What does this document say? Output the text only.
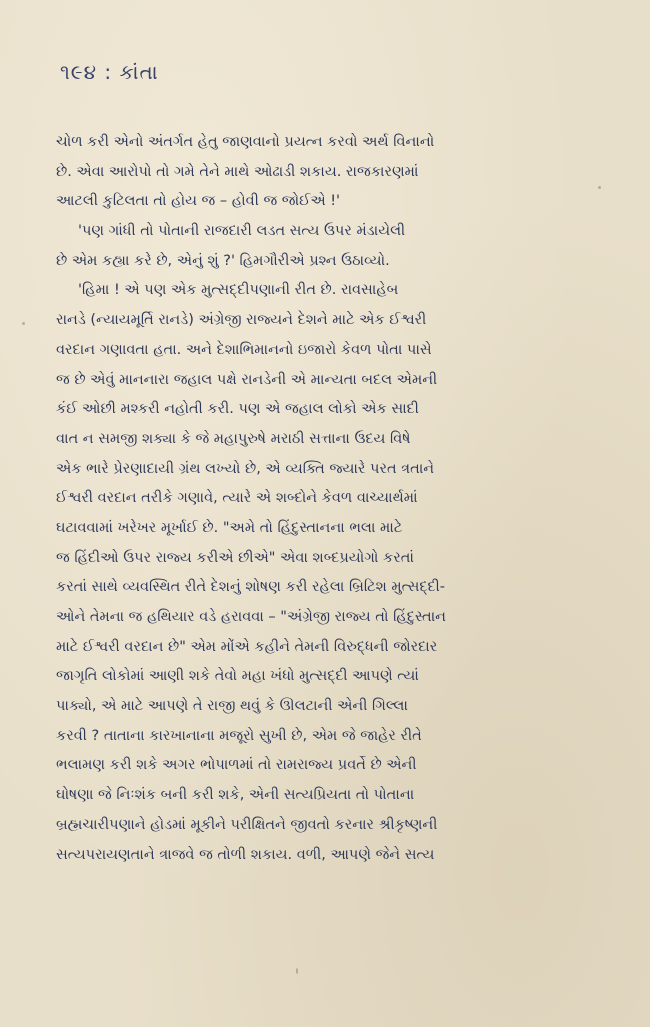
૧૯૪ : કાંતા
ચોળ કરી એનો અંતર્ગત હેતુ જાણવાનો પ્રયત્ન કરવો અર્થ વિનાનો
છે. એવા આરોપો તો ગમે તેને માથે ઓઢાડી શકાય. રાજકારણમાં
આટલી કુટિલતા તો હોય જ – હોવી જ જોઈએ !'
'પણ ગાંધી તો પોતાની રાજદારી લડત સત્ય ઉપર મંડાયેલી
છે એમ કહ્યા કરે છે, એનું શું ?' હિમગૌરીએ પ્રશ્ન ઉઠાવ્યો.
'હિમા ! એ પણ એક મુત્સદ્દીપણાની રીત છે. રાવસાહેબ
રાનડે (ન્યાયમૂર્તિ રાનડે) અંગ્રેજી રાજ્યને દેશને માટે એક ઈશ્વરી
વરદાન ગણાવતા હતા. અને દેશાભિમાનનો ઇજારો કેવળ પોતા પાસે
જ છે એવું માનનારા જહાલ પક્ષે રાનડેની એ માન્યતા બદલ એમની
કંઈ ઓછી મશ્કરી નહોતી કરી. પણ એ જહાલ લોકો એક સાદી
વાત ન સમજી શક્યા કે જે મહાપુરુષે મરાઠી સત્તાના ઉદય વિષે
એક ભારે પ્રેરણાદાયી ગ્રંથ લખ્યો છે, એ વ્યક્તિ જ્યારે પરત ત્રતાને
ઈશ્વરી વરદાન તરીકે ગણાવે, ત્યારે એ શબ્દોને કેવળ વાચ્યાર્થમાં
ઘટાવવામાં ખરેખર મૂર્ખાઈ છે. "અમે તો હિંદુસ્તાનના ભલા માટે
જ હિંદીઓ ઉપર રાજ્ય કરીએ છીએ" એવા શબ્દપ્રયોગો કરતાં
કરતાં સાથે વ્યવસ્થિત રીતે દેશનું શોષણ કરી રહેલા બ્રિટિશ મુત્સદ્દી-
ઓને તેમના જ હથિયાર વડે હરાવવા – "અંગ્રેજી રાજ્ય તો હિંદુસ્તાન
માટે ઈશ્વરી વરદાન છે" એમ મોંએ કહીને તેમની વિરુદ્ધની જોરદાર
જાગૃતિ લોકોમાં આણી શકે તેવો મહા ખંધો મુત્સદ્દી આપણે ત્યાં
પાક્યો, એ માટે આપણે તે રાજી થવું કે ઊલટાની એની ગિલ્લા
કરવી ? તાતાના કારખાનાના મજૂરો સુખી છે, એમ જે જાહેર રીતે
ભલામણ કરી શકે અગર ભોપાળમાં તો રામરાજ્ય પ્રવર્તે છે એની
ઘોષણા જે નિઃશંક બની કરી શકે, એની સત્યપ્રિયતા તો પોતાના
બ્રહ્મચારીપણાને હોડમાં મૂકીને પરીક્ષિતને જીવતો કરનાર શ્રીકૃષ્ણની
સત્યપરાયણતાને ત્રાજવે જ તોળી શકાય. વળી, આપણે જેને સત્ય
